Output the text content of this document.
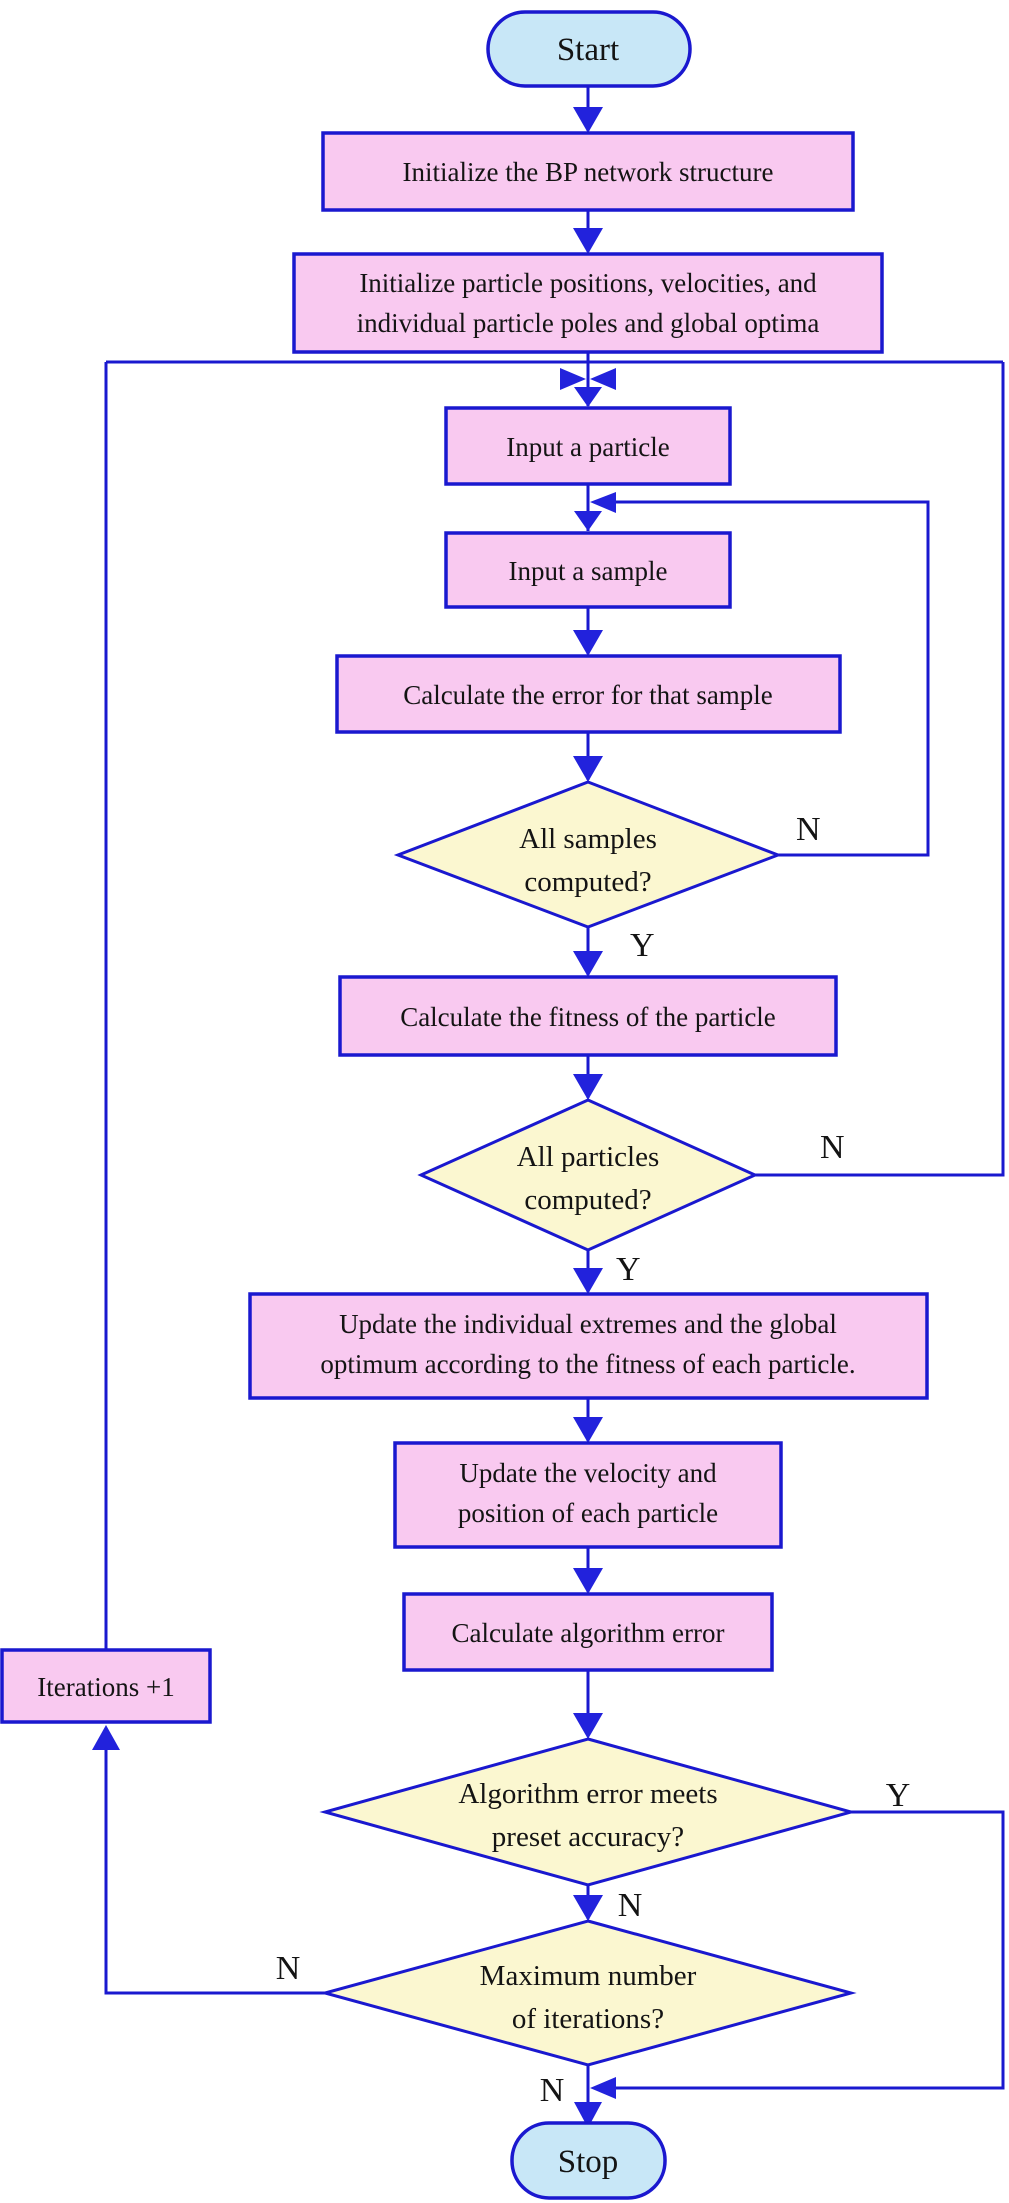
Start
Initialize the BP network structure
Initialize particle positions, velocities, and
individual particle poles and global optima
Input a particle
Input a sample
Calculate the error for that sample
All samples
computed?
Y
N
Calculate the fitness of the particle
All particles
computed?
Y
N
Update the individual extremes and the global
optimum according to the fitness of each particle.
Update the velocity and
position of each particle
Calculate algorithm error
Iterations +1
Algorithm error meets
preset accuracy?
Y
N
Maximum number
of iterations?
N
N
Stop
